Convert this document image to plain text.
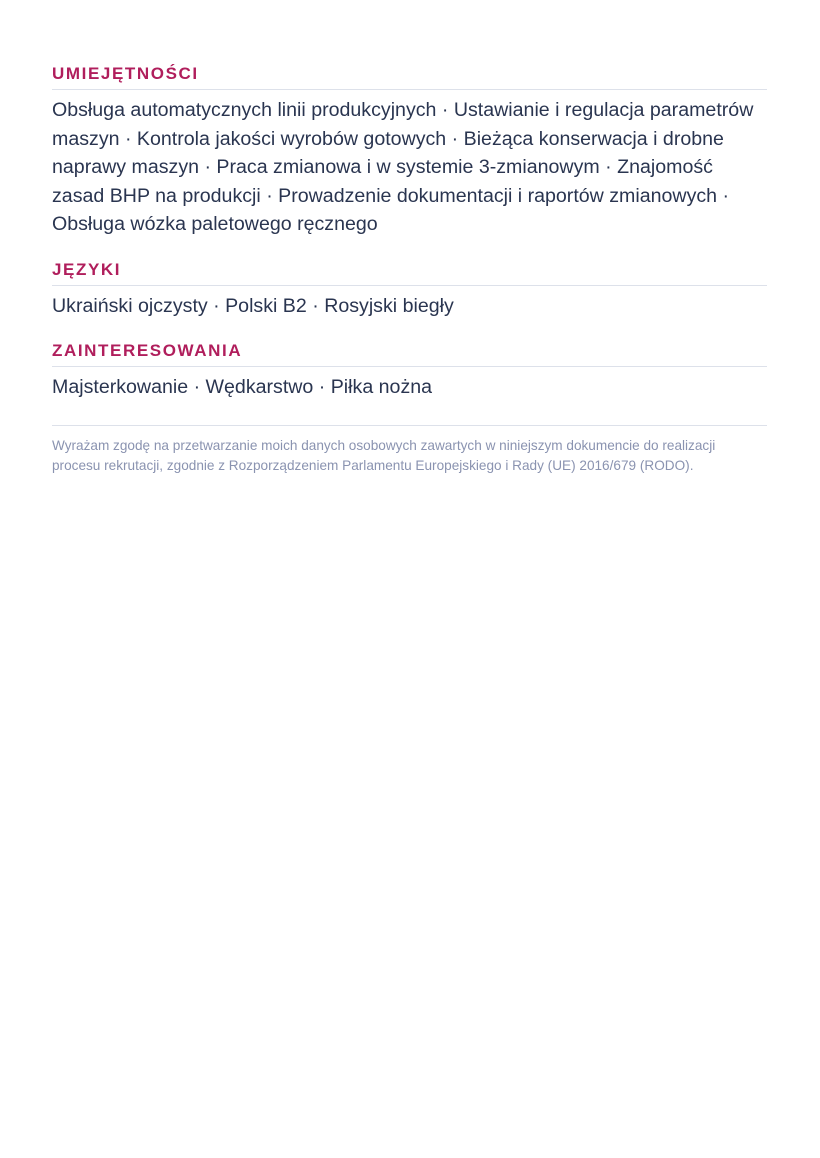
UMIEJĘTNOŚCI

Obsługa automatycznych linii produkcyjnych · Ustawianie i regulacja parametrów maszyn · Kontrola jakości wyrobów gotowych · Bieżąca konserwacja i drobne naprawy maszyn · Praca zmianowa i w systemie 3-zmianowym · Znajomość zasad BHP na produkcji · Prowadzenie dokumentacji i raportów zmianowych · Obsługa wózka paletowego ręcznego

JĘZYKI

Ukraiński ojczysty · Polski B2 · Rosyjski biegły

ZAINTERESOWANIA

Majsterkowanie · Wędkarstwo · Piłka nożna

Wyrażam zgodę na przetwarzanie moich danych osobowych zawartych w niniejszym dokumencie do realizacji procesu rekrutacji, zgodnie z Rozporządzeniem Parlamentu Europejskiego i Rady (UE) 2016/679 (RODO).
